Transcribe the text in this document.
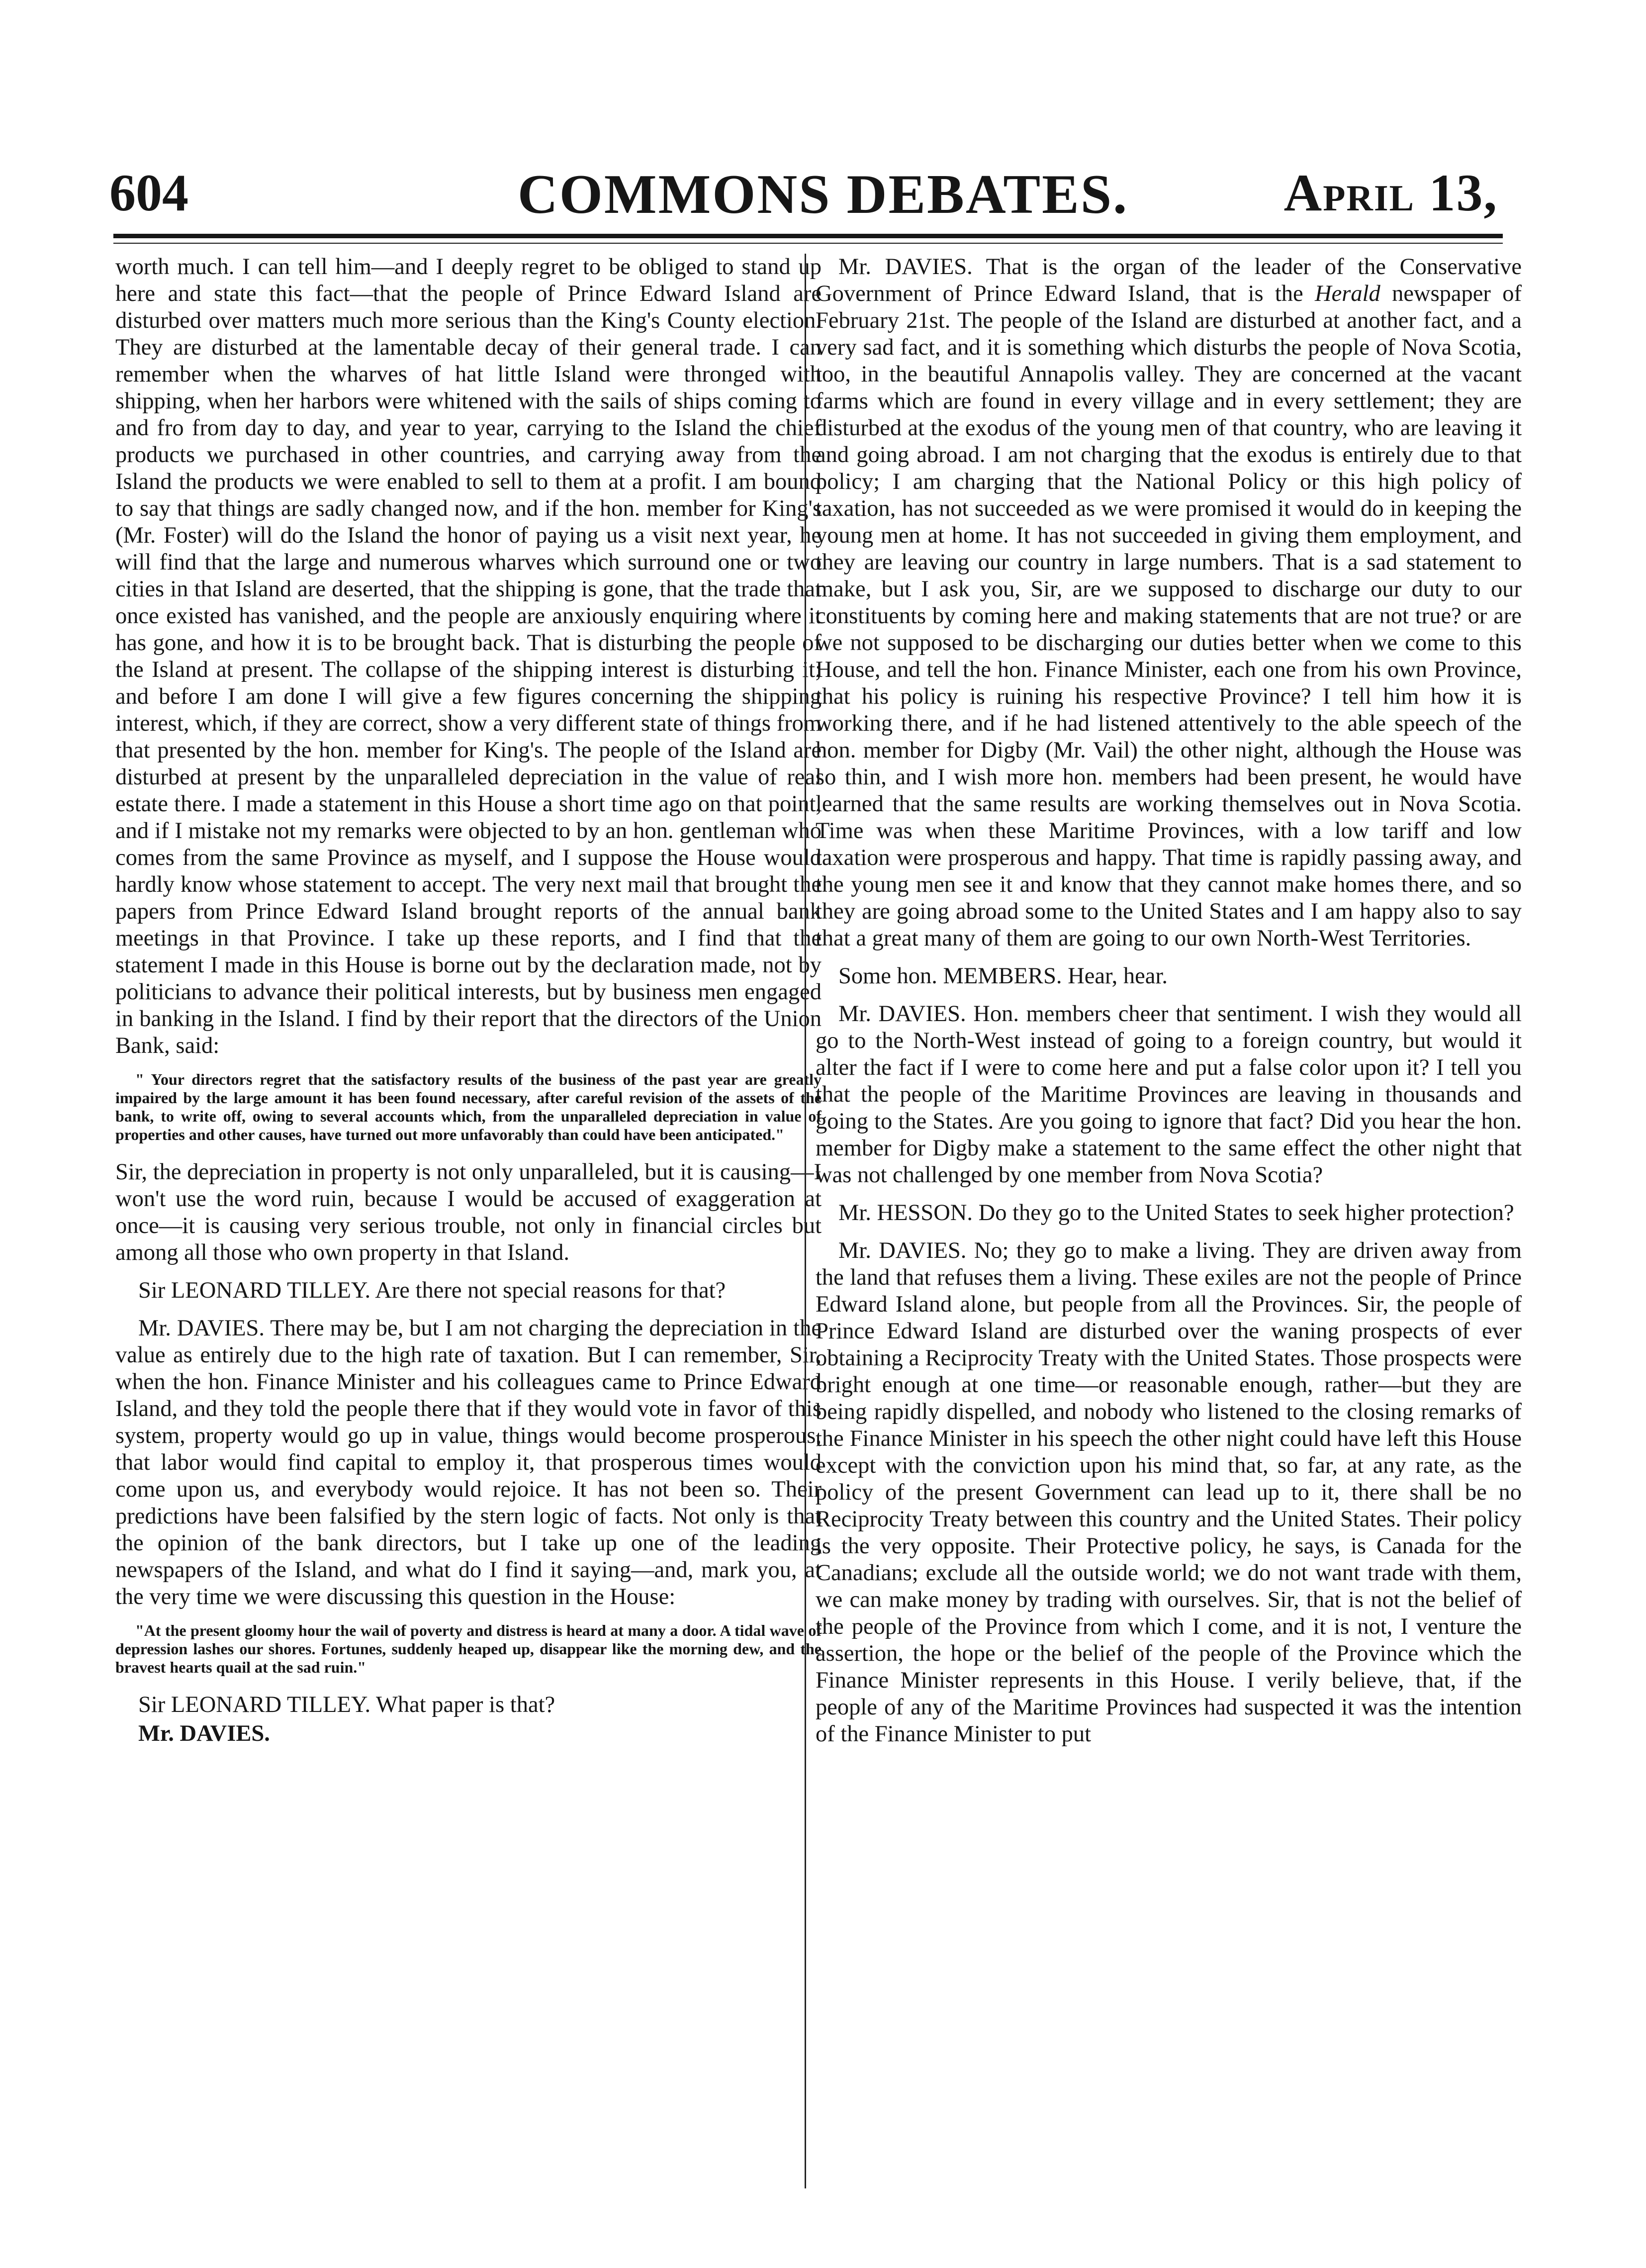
604	COMMONS DEBATES.	April 13,

worth much. I can tell him—and I deeply regret to be obliged to stand up here and state this fact—that the people of Prince Edward Island are disturbed over matters much more serious than the King's County election. They are disturbed at the lamentable decay of their general trade. I can remember when the wharves of hat little Island were thronged with shipping, when her harbors were whitened with the sails of ships coming to and fro from day to day, and year to year, carrying to the Island the chief products we purchased in other countries, and carrying away from the Island the products we were enabled to sell to them at a profit. I am bound to say that things are sadly changed now, and if the hon. member for King's (Mr. Foster) will do the Island the honor of paying us a visit next year, he will find that the large and numerous wharves which surround one or two cities in that Island are deserted, that the shipping is gone, that the trade that once existed has vanished, and the people are anxiously enquiring where it has gone, and how it is to be brought back. That is disturbing the people of the Island at present. The collapse of the shipping interest is disturbing it; and before I am done I will give a few figures concerning the shipping interest, which, if they are correct, show a very different state of things from that presented by the hon. member for King's. The people of the Island are disturbed at present by the unparalleled depreciation in the value of real estate there. I made a statement in this House a short time ago on that point, and if I mistake not my remarks were objected to by an hon. gentleman who comes from the same Province as myself, and I suppose the House would hardly know whose statement to accept. The very next mail that brought the papers from Prince Edward Island brought reports of the annual bank meetings in that Province. I take up these reports, and I find that the statement I made in this House is borne out by the declaration made, not by politicians to advance their political interests, but by business men engaged in banking in the Island. I find by their report that the directors of the Union Bank, said:

" Your directors regret that the satisfactory results of the business of the past year are greatly impaired by the large amount it has been found necessary, after careful revision of the assets of the bank, to write off, owing to several accounts which, from the unparalleled depreciation in value of properties and other causes, have turned out more unfavorably than could have been anticipated."

Sir, the depreciation in property is not only unparalleled, but it is causing—I won't use the word ruin, because I would be accused of exaggeration at once—it is causing very serious trouble, not only in financial circles but among all those who own property in that Island.

Sir LEONARD TILLEY. Are there not special reasons for that?

Mr. DAVIES. There may be, but I am not charging the depreciation in the value as entirely due to the high rate of taxation. But I can remember, Sir, when the hon. Finance Minister and his colleagues came to Prince Edward Island, and they told the people there that if they would vote in favor of this system, property would go up in value, things would become prosperous, that labor would find capital to employ it, that prosperous times would come upon us, and everybody would rejoice. It has not been so. Their predictions have been falsified by the stern logic of facts. Not only is that the opinion of the bank directors, but I take up one of the leading newspapers of the Island, and what do I find it saying—and, mark you, at the very time we were discussing this question in the House:

"At the present gloomy hour the wail of poverty and distress is heard at many a door. A tidal wave of depression lashes our shores. Fortunes, suddenly heaped up, disappear like the morning dew, and the bravest hearts quail at the sad ruin."

Sir LEONARD TILLEY. What paper is that?

Mr. DAVIES.

Mr. DAVIES. That is the organ of the leader of the Conservative Government of Prince Edward Island, that is the Herald newspaper of February 21st. The people of the Island are disturbed at another fact, and a very sad fact, and it is something which disturbs the people of Nova Scotia, too, in the beautiful Annapolis valley. They are concerned at the vacant farms which are found in every village and in every settlement; they are disturbed at the exodus of the young men of that country, who are leaving it and going abroad. I am not charging that the exodus is entirely due to that policy; I am charging that the National Policy or this high policy of taxation, has not succeeded as we were promised it would do in keeping the young men at home. It has not succeeded in giving them employment, and they are leaving our country in large numbers. That is a sad statement to make, but I ask you, Sir, are we supposed to discharge our duty to our constituents by coming here and making statements that are not true? or are we not supposed to be discharging our duties better when we come to this House, and tell the hon. Finance Minister, each one from his own Province, that his policy is ruining his respective Province? I tell him how it is working there, and if he had listened attentively to the able speech of the hon. member for Digby (Mr. Vail) the other night, although the House was so thin, and I wish more hon. members had been present, he would have learned that the same results are working themselves out in Nova Scotia. Time was when these Maritime Provinces, with a low tariff and low taxation were prosperous and happy. That time is rapidly passing away, and the young men see it and know that they cannot make homes there, and so they are going abroad some to the United States and I am happy also to say that a great many of them are going to our own North-West Territories.

Some hon. MEMBERS. Hear, hear.

Mr. DAVIES. Hon. members cheer that sentiment. I wish they would all go to the North-West instead of going to a foreign country, but would it alter the fact if I were to come here and put a false color upon it? I tell you that the people of the Maritime Provinces are leaving in thousands and going to the States. Are you going to ignore that fact? Did you hear the hon. member for Digby make a statement to the same effect the other night that was not challenged by one member from Nova Scotia?

Mr. HESSON. Do they go to the United States to seek higher protection?

Mr. DAVIES. No; they go to make a living. They are driven away from the land that refuses them a living. These exiles are not the people of Prince Edward Island alone, but people from all the Provinces. Sir, the people of Prince Edward Island are disturbed over the waning prospects of ever obtaining a Reciprocity Treaty with the United States. Those prospects were bright enough at one time—or reasonable enough, rather—but they are being rapidly dispelled, and nobody who listened to the closing remarks of the Finance Minister in his speech the other night could have left this House except with the conviction upon his mind that, so far, at any rate, as the policy of the present Government can lead up to it, there shall be no Reciprocity Treaty between this country and the United States. Their policy is the very opposite. Their Protective policy, he says, is Canada for the Canadians; exclude all the outside world; we do not want trade with them, we can make money by trading with ourselves. Sir, that is not the belief of the people of the Province from which I come, and it is not, I venture the assertion, the hope or the belief of the people of the Province which the Finance Minister represents in this House. I verily believe, that, if the people of any of the Maritime Provinces had suspected it was the intention of the Finance Minister to put
